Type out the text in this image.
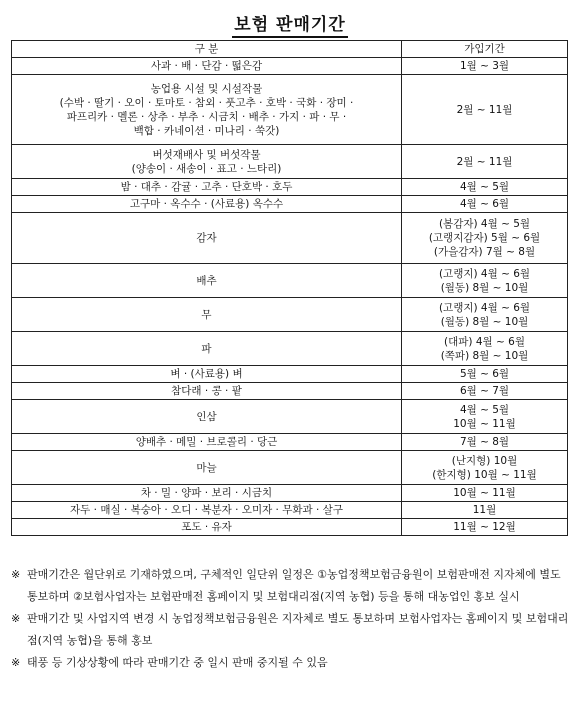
보험 판매기간
구 분	가입기간

사과 · 배 · 단감 · 떫은감	1월 ~ 3월

농업용 시설 및 시설작물
(수박 · 딸기 · 오이 · 토마토 · 참외 · 풋고추 · 호박 · 국화 · 장미 ·
파프리카 · 멜론 · 상추 · 부추 · 시금치 · 배추 · 가지 · 파 · 무 ·
백합 · 카네이션 · 미나리 · 쑥갓)	2월 ~ 11월

버섯재배사 및 버섯작물
(양송이 · 새송이 · 표고 · 느타리)	2월 ~ 11월

밤 · 대추 · 감귤 · 고추 · 단호박 · 호두	4월 ~ 5월

고구마 · 옥수수 · (사료용) 옥수수	4월 ~ 6월

감자	(봄감자) 4월 ~ 5월
(고랭지감자) 5월 ~ 6월
(가을감자) 7월 ~ 8월

배추	(고랭지) 4월 ~ 6월
(월동) 8월 ~ 10월

무	(고랭지) 4월 ~ 6월
(월동) 8월 ~ 10월

파	(대파) 4월 ~ 6월
(쪽파) 8월 ~ 10월

벼 · (사료용) 벼	5월 ~ 6월

참다래 · 콩 · 팥	6월 ~ 7월

인삼	4월 ~ 5월
10월 ~ 11월

양배추 · 메밀 · 브로콜리 · 당근	7월 ~ 8월

마늘	(난지형) 10월
(한지형) 10월 ~ 11월

차 · 밀 · 양파 · 보리 · 시금치	10월 ~ 11월

자두 · 매실 · 복숭아 · 오디 · 복분자 · 오미자 · 무화과 · 살구	11월

포도 · 유자	11월 ~ 12월
※ 판매기간은 월단위로 기재하였으며, 구체적인 일단위 일정은 ①농업정책보험금융원이 보험판매전 지자체에 별도 통보하며 ②보험사업자는 보험판매전 홈페이지 및 보험대리점(지역 농협) 등을 통해 대농업인 홍보 실시
※ 판매기간 및 사업지역 변경 시 농업정책보험금융원은 지자체로 별도 통보하며 보험사업자는 홈페이지 및 보험대리점(지역 농협)을 통해 홍보
※ 태풍 등 기상상황에 따라 판매기간 중 일시 판매 중지될 수 있음
